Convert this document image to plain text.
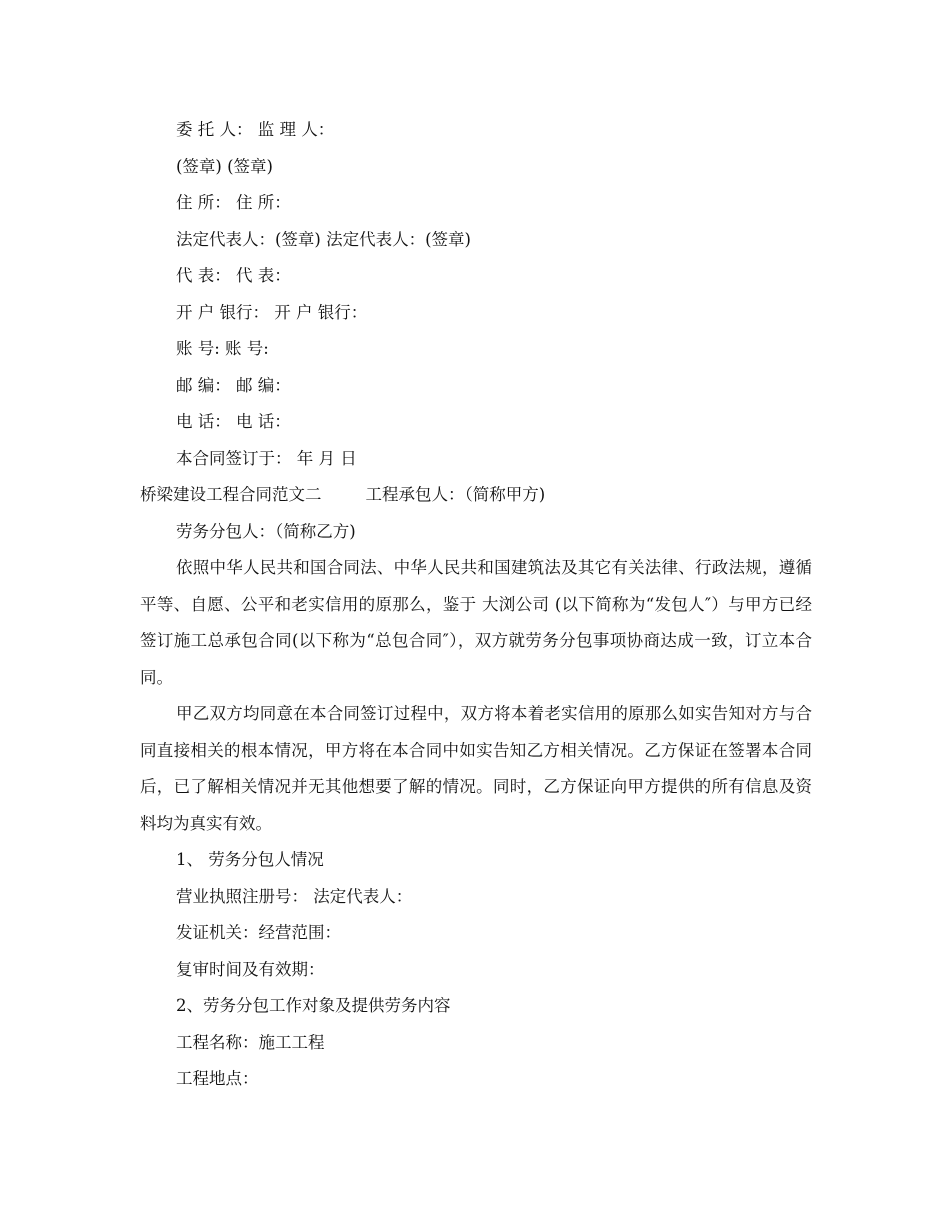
委 托 人： 监 理 人：
(签章) (签章)
住 所： 住 所：
法定代表人：(签章) 法定代表人：(签章)
代 表： 代 表：
开 户 银行： 开 户 银行：
账 号: 账 号:
邮 编： 邮 编：
电 话： 电 话：
本合同签订于： 年 月 日
桥梁建设工程合同范文二	工程承包人：（简称甲方)
劳务分包人：（简称乙方)

依照中华人民共和国合同法、中华人民共和国建筑法及其它有关法律、行政法规，遵循平等、自愿、公平和老实信用的原那么，鉴于 大浏公司 (以下简称为“发包人″）与甲方已经签订施工总承包合同(以下称为“总包合同″），双方就劳务分包事项协商达成一致，订立本合同。

甲乙双方均同意在本合同签订过程中，双方将本着老实信用的原那么如实告知对方与合同直接相关的根本情况，甲方将在本合同中如实告知乙方相关情况。乙方保证在签署本合同后，已了解相关情况并无其他想要了解的情况。同时，乙方保证向甲方提供的所有信息及资料均为真实有效。

1、 劳务分包人情况
营业执照注册号： 法定代表人：
发证机关：经营范围：
复审时间及有效期：
2、劳务分包工作对象及提供劳务内容
工程名称：施工工程
工程地点：
